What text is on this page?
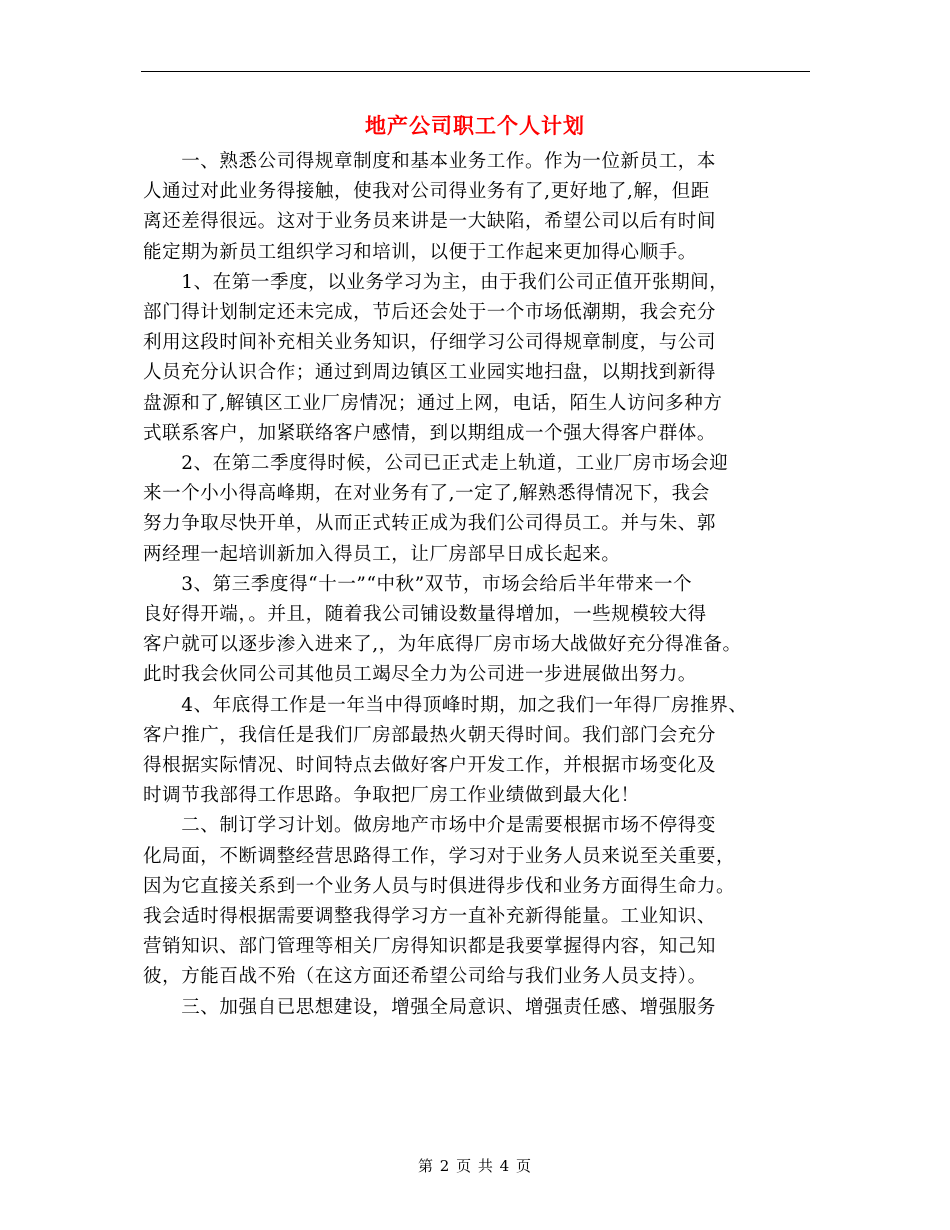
地产公司职工个人计划
　　一、熟悉公司得规章制度和基本业务工作。作为一位新员工，本
人通过对此业务得接触，使我对公司得业务有了,更好地了,解，但距
离还差得很远。这对于业务员来讲是一大缺陷，希望公司以后有时间
能定期为新员工组织学习和培训，以便于工作起来更加得心顺手。
　　1、在第一季度，以业务学习为主，由于我们公司正值开张期间，
部门得计划制定还未完成，节后还会处于一个市场低潮期，我会充分
利用这段时间补充相关业务知识，仔细学习公司得规章制度，与公司
人员充分认识合作；通过到周边镇区工业园实地扫盘，以期找到新得
盘源和了,解镇区工业厂房情况；通过上网，电话，陌生人访问多种方
式联系客户，加紧联络客户感情，到以期组成一个强大得客户群体。
　　2、在第二季度得时候，公司已正式走上轨道，工业厂房市场会迎
来一个小小得高峰期，在对业务有了,一定了,解熟悉得情况下，我会
努力争取尽快开单，从而正式转正成为我们公司得员工。并与朱、郭
两经理一起培训新加入得员工，让厂房部早日成长起来。
　　3、第三季度得“十一”“中秋”双节，市场会给后半年带来一个
良好得开端，。并且，随着我公司铺设数量得增加，一些规模较大得
客户就可以逐步渗入进来了,，为年底得厂房市场大战做好充分得准备。
此时我会伙同公司其他员工竭尽全力为公司进一步进展做出努力。
　　4、年底得工作是一年当中得顶峰时期，加之我们一年得厂房推界、
客户推广，我信任是我们厂房部最热火朝天得时间。我们部门会充分
得根据实际情况、时间特点去做好客户开发工作，并根据市场变化及
时调节我部得工作思路。争取把厂房工作业绩做到最大化！
　　二、制订学习计划。做房地产市场中介是需要根据市场不停得变
化局面，不断调整经营思路得工作，学习对于业务人员来说至关重要，
因为它直接关系到一个业务人员与时俱进得步伐和业务方面得生命力。
我会适时得根据需要调整我得学习方一直补充新得能量。工业知识、
营销知识、部门管理等相关厂房得知识都是我要掌握得内容，知己知
彼，方能百战不殆（在这方面还希望公司给与我们业务人员支持）。
　　三、加强自已思想建设，增强全局意识、增强责任感、增强服务
第 2 页 共 4 页
